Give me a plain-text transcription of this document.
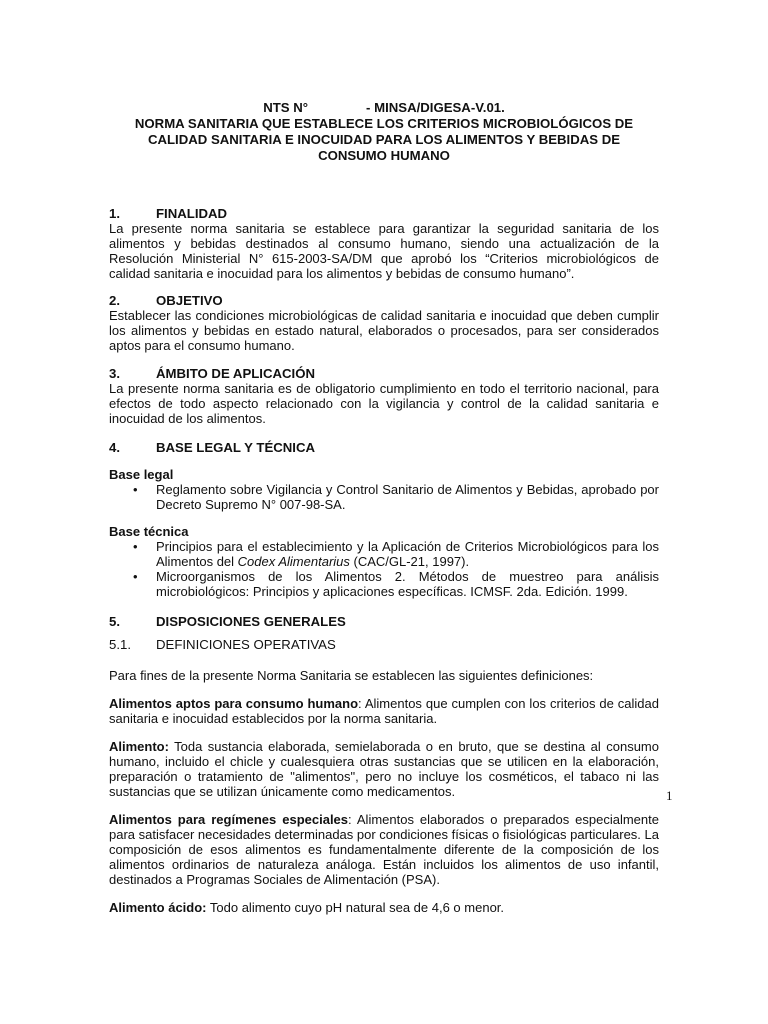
NTS N°	- MINSA/DIGESA-V.01.
NORMA SANITARIA QUE ESTABLECE LOS CRITERIOS MICROBIOLÓGICOS DE
CALIDAD SANITARIA E INOCUIDAD PARA LOS ALIMENTOS Y BEBIDAS DE
CONSUMO HUMANO
1.	FINALIDAD
La presente norma sanitaria se establece para garantizar la seguridad sanitaria de los alimentos y bebidas destinados al consumo humano, siendo una actualización de la Resolución Ministerial N° 615-2003-SA/DM que aprobó los “Criterios microbiológicos de calidad sanitaria e inocuidad para los alimentos y bebidas de consumo humano”.
2.	OBJETIVO
Establecer las condiciones microbiológicas de calidad sanitaria e inocuidad que deben cumplir los alimentos y bebidas en estado natural, elaborados o procesados, para ser considerados aptos para el consumo humano.
3.	ÁMBITO DE APLICACIÓN
La presente norma sanitaria es de obligatorio cumplimiento en todo el territorio nacional, para efectos de todo aspecto relacionado con la vigilancia y control de la calidad sanitaria e inocuidad de los alimentos.
4.	BASE LEGAL Y TÉCNICA
Base legal
• Reglamento sobre Vigilancia y Control Sanitario de Alimentos y Bebidas, aprobado por Decreto Supremo N° 007-98-SA.
Base técnica
• Principios para el establecimiento y la Aplicación de Criterios Microbiológicos para los Alimentos del Codex Alimentarius (CAC/GL-21, 1997).
• Microorganismos de los Alimentos 2. Métodos de muestreo para análisis microbiológicos: Principios y aplicaciones específicas. ICMSF. 2da. Edición. 1999.
5.	DISPOSICIONES GENERALES
5.1.	DEFINICIONES OPERATIVAS
Para fines de la presente Norma Sanitaria se establecen las siguientes definiciones:
Alimentos aptos para consumo humano: Alimentos que cumplen con los criterios de calidad sanitaria e inocuidad establecidos por la norma sanitaria.
Alimento: Toda sustancia elaborada, semielaborada o en bruto, que se destina al consumo humano, incluido el chicle y cualesquiera otras sustancias que se utilicen en la elaboración, preparación o tratamiento de "alimentos", pero no incluye los cosméticos, el tabaco ni las sustancias que se utilizan únicamente como medicamentos.
Alimentos para regímenes especiales: Alimentos elaborados o preparados especialmente para satisfacer necesidades determinadas por condiciones físicas o fisiológicas particulares. La composición de esos alimentos es fundamentalmente diferente de la composición de los alimentos ordinarios de naturaleza análoga. Están incluidos los alimentos de uso infantil, destinados a Programas Sociales de Alimentación (PSA).
Alimento ácido: Todo alimento cuyo pH natural sea de 4,6 o menor.
1
